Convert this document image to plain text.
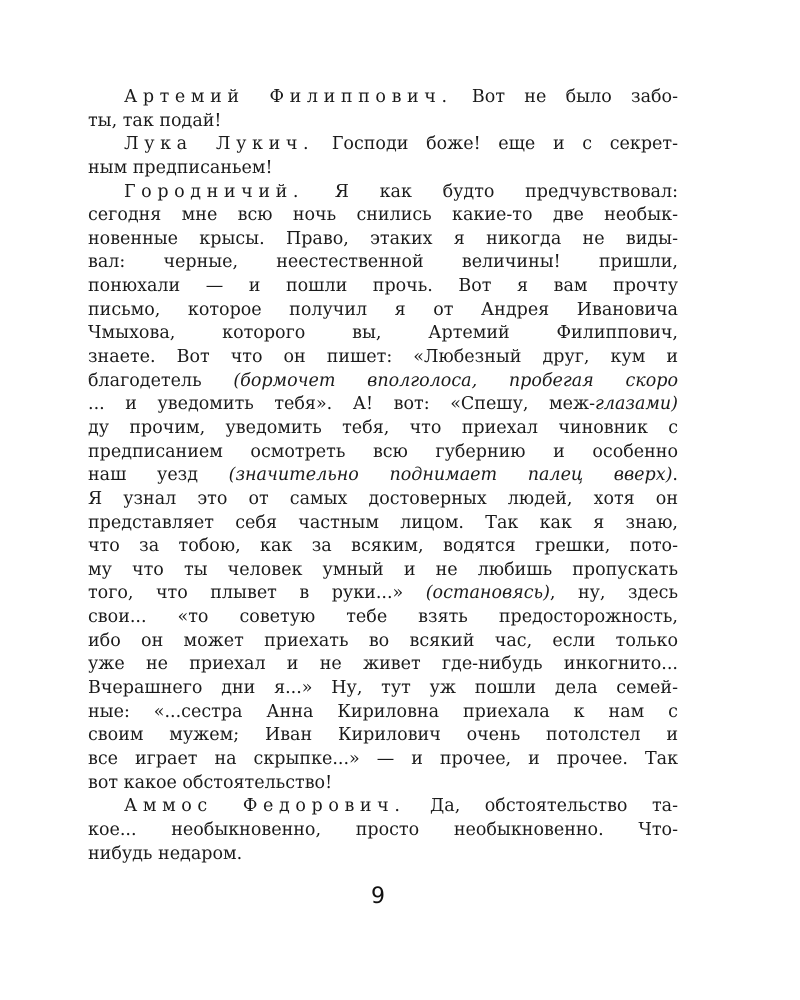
Артемий Филиппович. Вот не было забо-
ты, так подай!
Лука Лукич. Господи боже! еще и с секрет-
ным предписаньем!
Городничий. Я как будто предчувствовал:
сегодня мне всю ночь снились какие-то две необык-
новенные крысы. Право, этаких я никогда не виды-
вал: черные, неестественной величины! пришли,
понюхали — и пошли прочь. Вот я вам прочту
письмо, которое получил я от Андрея Ивановича
Чмыхова, которого вы, Артемий Филиппович,
знаете. Вот что он пишет: «Любезный друг, кум и
благодетель (бормочет вполголоса, пробегая скоро
... и уведомить тебя». А! вот: «Спешу, меж-глазами)
ду прочим, уведомить тебя, что приехал чиновник с
предписанием осмотреть всю губернию и особенно
наш уезд (значительно поднимает палец вверх).
Я узнал это от самых достоверных людей, хотя он
представляет себя частным лицом. Так как я знаю,
что за тобою, как за всяким, водятся грешки, пото-
му что ты человек умный и не любишь пропускать
того, что плывет в руки...» (остановясь), ну, здесь
свои... «то советую тебе взять предосторожность,
ибо он может приехать во всякий час, если только
уже не приехал и не живет где-нибудь инкогнито...
Вчерашнего дни я...» Ну, тут уж пошли дела семей-
ные: «...сестра Анна Кириловна приехала к нам с
своим мужем; Иван Кирилович очень потолстел и
все играет на скрыпке...» — и прочее, и прочее. Так
вот какое обстоятельство!
Аммос Федорович. Да, обстоятельство та-
кое... необыкновенно, просто необыкновенно. Что-
нибудь недаром.
9
